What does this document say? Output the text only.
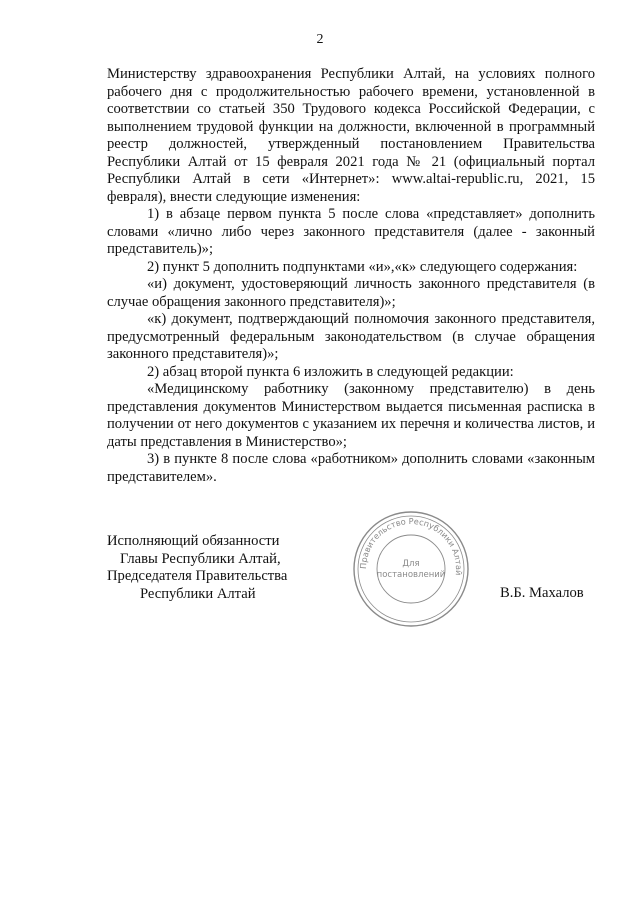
2

Министерству здравоохранения Республики Алтай, на условиях полного рабочего дня с продолжительностью рабочего времени, установленной в соответствии со статьей 350 Трудового кодекса Российской Федерации, с выполнением трудовой функции на должности, включенной в программный реестр должностей, утвержденный постановлением Правительства Республики Алтай от 15 февраля 2021 года № 21 (официальный портал Республики Алтай в сети «Интернет»: www.altai-republic.ru, 2021, 15 февраля), внести следующие изменения:

1) в абзаце первом пункта 5 после слова «представляет» дополнить словами «лично либо через законного представителя (далее - законный представитель)»;

2) пункт 5 дополнить подпунктами «и»,«к» следующего содержания:

«и) документ, удостоверяющий личность законного представителя (в случае обращения законного представителя)»;

«к) документ, подтверждающий полномочия законного представителя, предусмотренный федеральным законодательством (в случае обращения законного представителя)»;

2) абзац второй пункта 6 изложить в следующей редакции:

«Медицинскому работнику (законному представителю) в день представления документов Министерством выдается письменная расписка в получении от него документов с указанием их перечня и количества листов, и даты представления в Министерство»;

3) в пункте 8 после слова «работником» дополнить словами «законным представителем».

Исполняющий обязанности
Главы Республики Алтай,
Председателя Правительства
Республики Алтай
Правительство Республики Алтай
Для
постановлений
В.Б. Махалов
